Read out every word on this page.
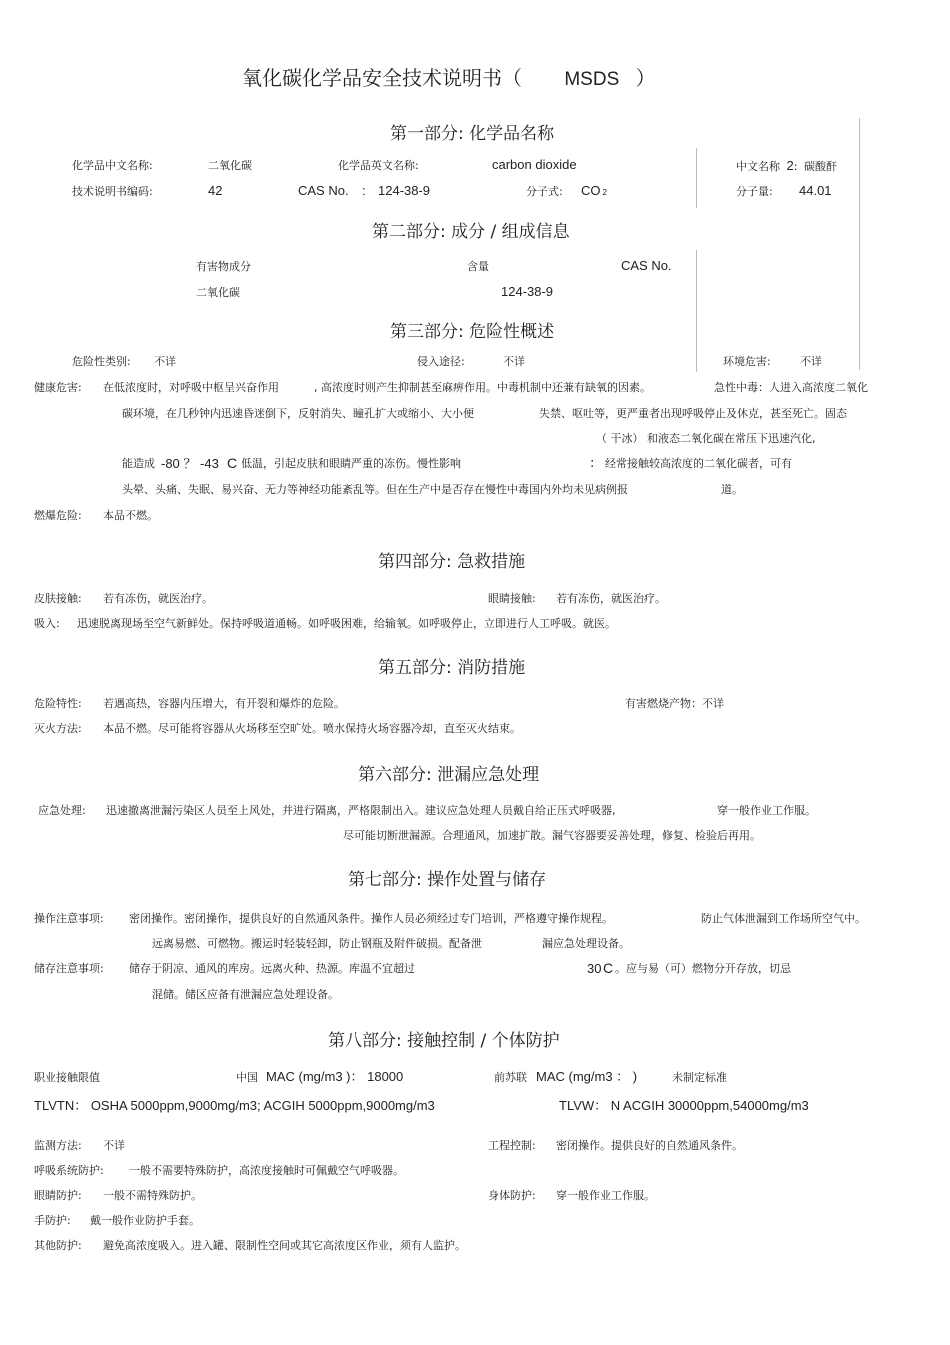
氧化碳化学品安全技术说明书（ MSDS ）
第一部分: 化学品名称
化学品中文名称:	二氧化碳	化学品英文名称:	carbon dioxide	中文名称 2: 碳酸酐
技术说明书编码:	42	CAS No. : 124-38-9	分子式: CO 2	分子量: 44.01
第二部分: 成分 / 组成信息
有害物成分	含量	CAS No.
二氧化碳	124-38-9
第三部分: 危险性概述
危险性类别: 不详	侵入途径:	不详	环境危害:	不详
健康危害: 在低浓度时，对呼吸中枢呈兴奋作用	, 高浓度时则产生抑制甚至麻痹作用。中毒机制中还兼有缺氧的因素。	急性中毒：人进入高浓度二氧化
碳环境，在几秒钟内迅速昏迷倒下，反射消失、瞳孔扩大或缩小、大小便	失禁、呕吐等，更严重者出现呼吸停止及休克，甚至死亡。固态
（ 干冰） 和液态二氧化碳在常压下迅速汽化,
能造成 -80 ？ -43 C 低温，引起皮肤和眼睛严重的冻伤。慢性影响	: 经常接触较高浓度的二氧化碳者，可有
头晕、头痛、失眠、易兴奋、无力等神经功能紊乱等。但在生产中是否存在慢性中毒国内外均未见病例报	道。
燃爆危险: 本品不燃。
第四部分: 急救措施
皮肤接触: 若有冻伤，就医治疗。	眼睛接触: 若有冻伤，就医治疗。
吸入: 迅速脱离现场至空气新鲜处。保持呼吸道通畅。如呼吸困难，给输氧。如呼吸停止，立即进行人工呼吸。就医。
第五部分: 消防措施
危险特性: 若遇高热，容器内压增大，有开裂和爆炸的危险。	有害燃烧产物：不详
灭火方法: 本品不燃。尽可能将容器从火场移至空旷处。喷水保持火场容器冷却，直至灭火结束。
第六部分: 泄漏应急处理
应急处理: 迅速撤离泄漏污染区人员至上风处，并进行隔离，严格限制出入。建议应急处理人员戴自给正压式呼吸器,	穿一般作业工作服。
尽可能切断泄漏源。合理通风，加速扩散。漏气容器要妥善处理，修复、检验后再用。
第七部分: 操作处置与储存
操作注意事项: 密闭操作。密闭操作，提供良好的自然通风条件。操作人员必须经过专门培训，严格遵守操作规程。	防止气体泄漏到工作场所空气中。
远离易燃、可燃物。搬运时轻装轻卸，防止钢瓶及附件破损。配备泄	漏应急处理设备。
储存注意事项: 储存于阴凉、通风的库房。远离火种、热源。库温不宜超过	30 C 。应与易（可）燃物分开存放，切忌
混储。储区应备有泄漏应急处理设备。
第八部分: 接触控制 / 个体防护
职业接触限值	中国 MAC (mg/m3 )： 18000	前苏联 MAC (mg/m3 ： )	未制定标准
TLVTN： OSHA 5000ppm,9000mg/m3; ACGIH 5000ppm,9000mg/m3	TLVW： N ACGIH 30000ppm,54000mg/m3
监测方法: 不详	工程控制: 密闭操作。提供良好的自然通风条件。
呼吸系统防护: 一般不需要特殊防护，高浓度接触时可佩戴空气呼吸器。
眼睛防护: 一般不需特殊防护。	身体防护: 穿一般作业工作服。
手防护: 戴一般作业防护手套。
其他防护: 避免高浓度吸入。进入罐、限制性空间或其它高浓度区作业，须有人监护。
